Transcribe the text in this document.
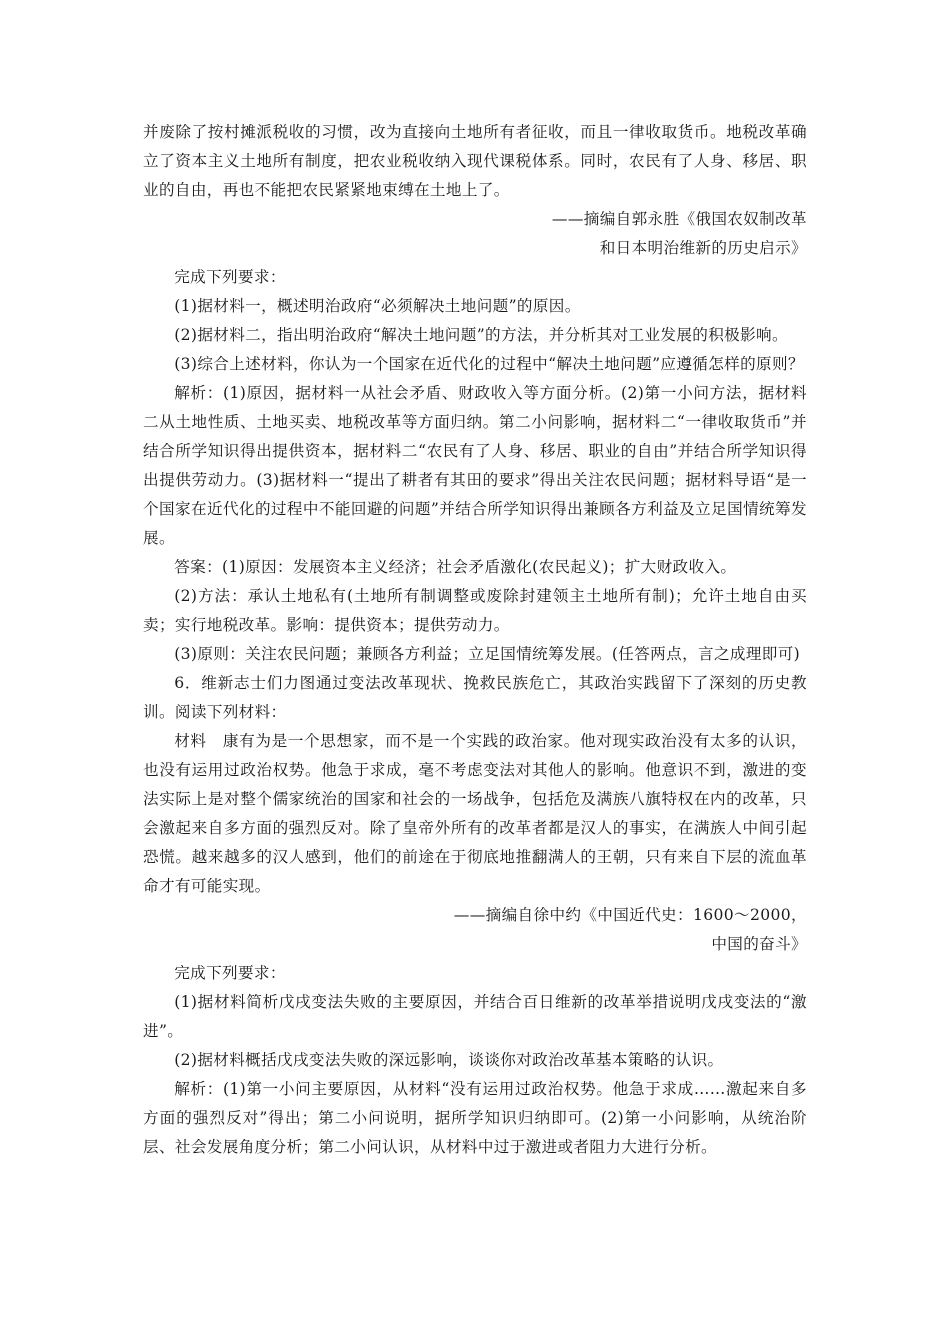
并废除了按村摊派税收的习惯，改为直接向土地所有者征收，而且一律收取货币。地税改革确立了资本主义土地所有制度，把农业税收纳入现代课税体系。同时，农民有了人身、移居、职业的自由，再也不能把农民紧紧地束缚在土地上了。

——摘编自郭永胜《俄国农奴制改革

和日本明治维新的历史启示》

完成下列要求：

(1)据材料一，概述明治政府“必须解决土地问题”的原因。

(2)据材料二，指出明治政府“解决土地问题”的方法，并分析其对工业发展的积极影响。

(3)综合上述材料，你认为一个国家在近代化的过程中“解决土地问题”应遵循怎样的原则？

解析：(1)原因，据材料一从社会矛盾、财政收入等方面分析。(2)第一小问方法，据材料二从土地性质、土地买卖、地税改革等方面归纳。第二小问影响，据材料二“一律收取货币”并结合所学知识得出提供资本，据材料二“农民有了人身、移居、职业的自由”并结合所学知识得出提供劳动力。(3)据材料一“提出了耕者有其田的要求”得出关注农民问题；据材料导语“是一个国家在近代化的过程中不能回避的问题”并结合所学知识得出兼顾各方利益及立足国情统筹发展。

答案：(1)原因：发展资本主义经济；社会矛盾激化(农民起义)；扩大财政收入。

(2)方法：承认土地私有(土地所有制调整或废除封建领主土地所有制)；允许土地自由买卖；实行地税改革。影响：提供资本；提供劳动力。

(3)原则：关注农民问题；兼顾各方利益；立足国情统筹发展。(任答两点，言之成理即可)

6．维新志士们力图通过变法改革现状、挽救民族危亡，其政治实践留下了深刻的历史教训。阅读下列材料：

材料　康有为是一个思想家，而不是一个实践的政治家。他对现实政治没有太多的认识，也没有运用过政治权势。他急于求成，毫不考虑变法对其他人的影响。他意识不到，激进的变法实际上是对整个儒家统治的国家和社会的一场战争，包括危及满族八旗特权在内的改革，只会激起来自多方面的强烈反对。除了皇帝外所有的改革者都是汉人的事实，在满族人中间引起恐慌。越来越多的汉人感到，他们的前途在于彻底地推翻满人的王朝，只有来自下层的流血革命才有可能实现。

——摘编自徐中约《中国近代史：1600～2000，

中国的奋斗》

完成下列要求：

(1)据材料简析戊戌变法失败的主要原因，并结合百日维新的改革举措说明戊戌变法的“激进”。

(2)据材料概括戊戌变法失败的深远影响，谈谈你对政治改革基本策略的认识。

解析：(1)第一小问主要原因，从材料“没有运用过政治权势。他急于求成……激起来自多方面的强烈反对”得出；第二小问说明，据所学知识归纳即可。(2)第一小问影响，从统治阶层、社会发展角度分析；第二小问认识，从材料中过于激进或者阻力大进行分析。
